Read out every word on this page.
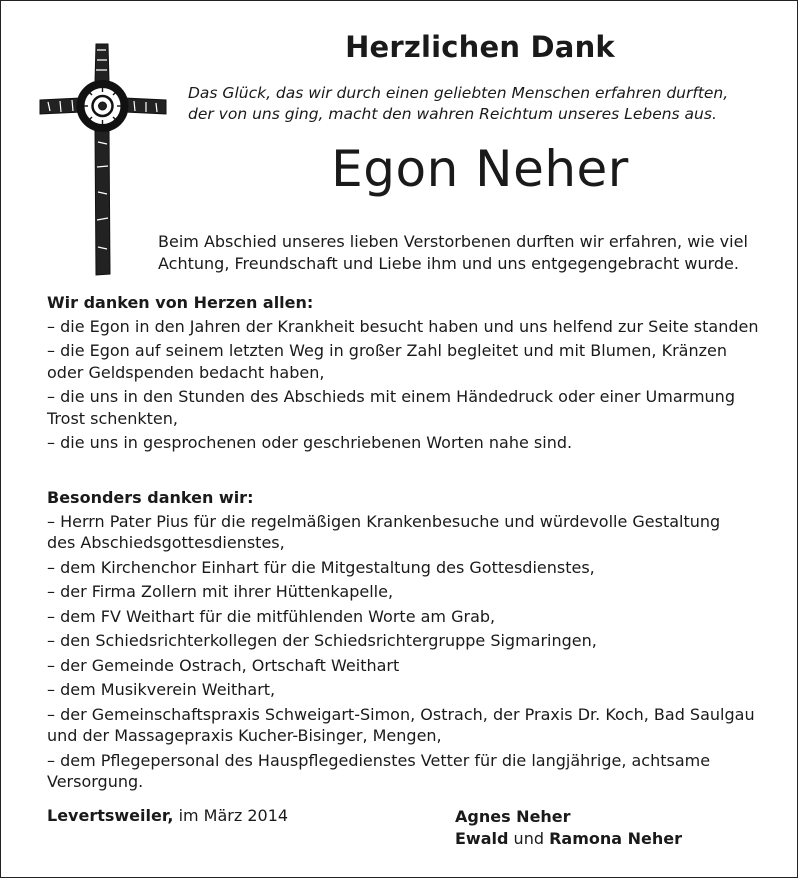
Herzlichen Dank
Das Glück, das wir durch einen geliebten Menschen erfahren durften,
der von uns ging, macht den wahren Reichtum unseres Lebens aus.
Egon Neher
Beim Abschied unseres lieben Verstorbenen durften wir erfahren, wie viel
Achtung, Freundschaft und Liebe ihm und uns entgegengebracht wurde.
Wir danken von Herzen allen:
– die Egon in den Jahren der Krankheit besucht haben und uns helfend zur Seite standen
– die Egon auf seinem letzten Weg in großer Zahl begleitet und mit Blumen, Kränzen
oder Geldspenden bedacht haben,
– die uns in den Stunden des Abschieds mit einem Händedruck oder einer Umarmung
Trost schenkten,
– die uns in gesprochenen oder geschriebenen Worten nahe sind.
Besonders danken wir:
– Herrn Pater Pius für die regelmäßigen Krankenbesuche und würdevolle Gestaltung
des Abschiedsgottesdienstes,
– dem Kirchenchor Einhart für die Mitgestaltung des Gottesdienstes,
– der Firma Zollern mit ihrer Hüttenkapelle,
– dem FV Weithart für die mitfühlenden Worte am Grab,
– den Schiedsrichterkollegen der Schiedsrichtergruppe Sigmaringen,
– der Gemeinde Ostrach, Ortschaft Weithart
– dem Musikverein Weithart,
– der Gemeinschaftspraxis Schweigart-Simon, Ostrach, der Praxis Dr. Koch, Bad Saulgau
und der Massagepraxis Kucher-Bisinger, Mengen,
– dem Pflegepersonal des Hauspflegedienstes Vetter für die langjährige, achtsame
Versorgung.
Levertsweiler, im März 2014	Agnes Neher
Ewald und Ramona Neher
